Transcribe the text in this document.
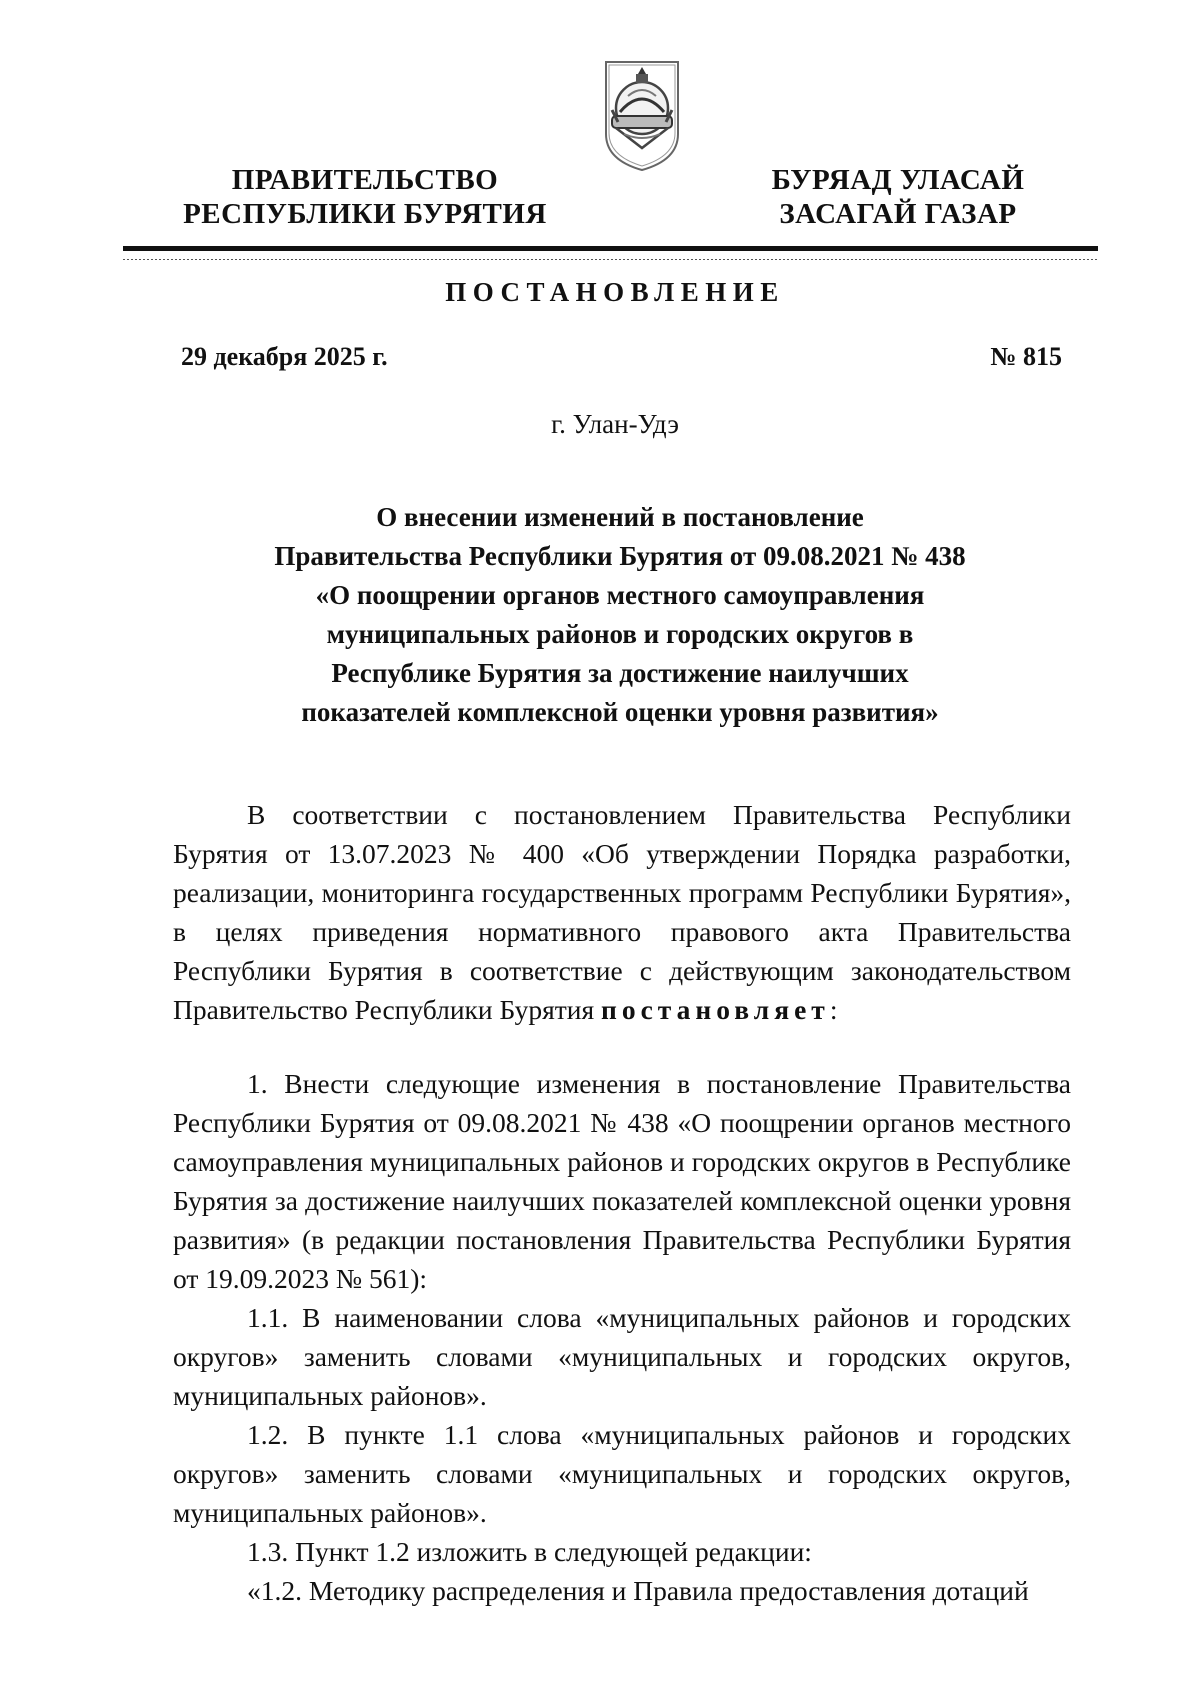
ПРАВИТЕЛЬСТВО
РЕСПУБЛИКИ БУРЯТИЯ
БУРЯАД УЛАСАЙ
ЗАСАГАЙ ГАЗАР
ПОСТАНОВЛЕНИЕ
29 декабря 2025 г.	№ 815
г. Улан-Удэ
О внесении изменений в постановление
Правительства Республики Бурятия от 09.08.2021 № 438
«О поощрении органов местного самоуправления
муниципальных районов и городских округов в
Республике Бурятия за достижение наилучших
показателей комплексной оценки уровня развития»

В соответствии с постановлением Правительства Республики Бурятия от 13.07.2023 № 400 «Об утверждении Порядка разработки, реализации, мониторинга государственных программ Республики Бурятия», в целях приведения нормативного правового акта Правительства Республики Бурятия в соответствие с действующим законодательством Правительство Республики Бурятия постановляет:

1. Внести следующие изменения в постановление Правительства Республики Бурятия от 09.08.2021 № 438 «О поощрении органов местного самоуправления муниципальных районов и городских округов в Республике Бурятия за достижение наилучших показателей комплексной оценки уровня развития» (в редакции постановления Правительства Республики Бурятия от 19.09.2023 № 561):

1.1. В наименовании слова «муниципальных районов и городских округов» заменить словами «муниципальных и городских округов, муниципальных районов».

1.2. В пункте 1.1 слова «муниципальных районов и городских округов» заменить словами «муниципальных и городских округов, муниципальных районов».

1.3. Пункт 1.2 изложить в следующей редакции:

«1.2. Методику распределения и Правила предоставления дотаций
